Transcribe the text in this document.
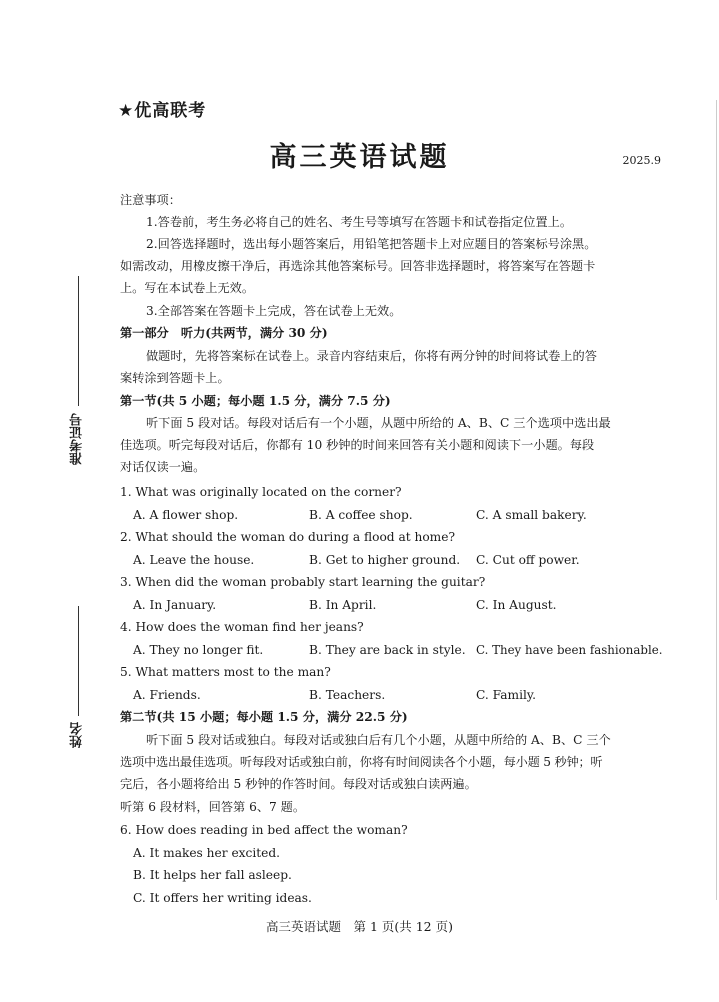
准考证号
姓名
★优高联考
高三英语试题	2025.9
注意事项：
1.答卷前，考生务必将自己的姓名、考生号等填写在答题卡和试卷指定位置上。
2.回答选择题时，选出每小题答案后，用铅笔把答题卡上对应题目的答案标号涂黑。
如需改动，用橡皮擦干净后，再选涂其他答案标号。回答非选择题时，将答案写在答题卡
上。写在本试卷上无效。
3.全部答案在答题卡上完成，答在试卷上无效。
第一部分　听力(共两节，满分 30 分)
做题时，先将答案标在试卷上。录音内容结束后，你将有两分钟的时间将试卷上的答
案转涂到答题卡上。
第一节(共 5 小题；每小题 1.5 分，满分 7.5 分)
听下面 5 段对话。每段对话后有一个小题，从题中所给的 A、B、C 三个选项中选出最
佳选项。听完每段对话后，你都有 10 秒钟的时间来回答有关小题和阅读下一小题。每段
对话仅读一遍。
1. What was originally located on the corner?
A. A flower shop.	B. A coffee shop.	C. A small bakery.
2. What should the woman do during a flood at home?
A. Leave the house.	B. Get to higher ground. C. Cut off power.
3. When did the woman probably start learning the guitar?
A. In January.	B. In April.	C. In August.
4. How does the woman find her jeans?
A. They no longer fit.	B. They are back in style. C. They have been fashionable.
5. What matters most to the man?
A. Friends.	B. Teachers.	C. Family.
第二节(共 15 小题；每小题 1.5 分，满分 22.5 分)
听下面 5 段对话或独白。每段对话或独白后有几个小题，从题中所给的 A、B、C 三个
选项中选出最佳选项。听每段对话或独白前，你将有时间阅读各个小题，每小题 5 秒钟；听
完后，各小题将给出 5 秒钟的作答时间。每段对话或独白读两遍。
听第 6 段材料，回答第 6、7 题。
6. How does reading in bed affect the woman?
A. It makes her excited.
B. It helps her fall asleep.
C. It offers her writing ideas.
高三英语试题　第 1 页(共 12 页)
